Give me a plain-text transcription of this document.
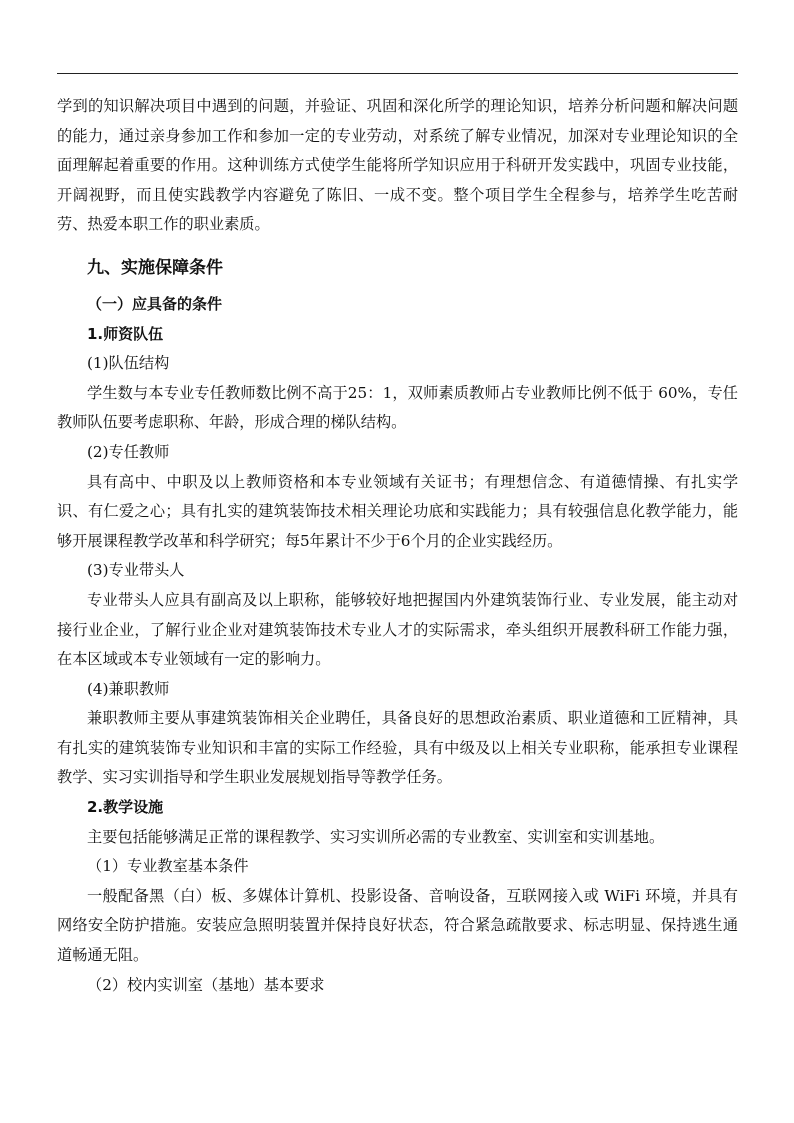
学到的知识解决项目中遇到的问题，并验证、巩固和深化所学的理论知识，培养分析问题和解决问题的能力，通过亲身参加工作和参加一定的专业劳动，对系统了解专业情况，加深对专业理论知识的全面理解起着重要的作用。这种训练方式使学生能将所学知识应用于科研开发实践中，巩固专业技能，开阔视野，而且使实践教学内容避免了陈旧、一成不变。整个项目学生全程参与，培养学生吃苦耐劳、热爱本职工作的职业素质。

九、实施保障条件
（一）应具备的条件
1.师资队伍
(1)队伍结构

学生数与本专业专任教师数比例不高于25：1，双师素质教师占专业教师比例不低于 60%，专任教师队伍要考虑职称、年龄，形成合理的梯队结构。

(2)专任教师

具有高中、中职及以上教师资格和本专业领域有关证书；有理想信念、有道德情操、有扎实学识、有仁爱之心；具有扎实的建筑装饰技术相关理论功底和实践能力；具有较强信息化教学能力，能够开展课程教学改革和科学研究；每5年累计不少于6个月的企业实践经历。

(3)专业带头人

专业带头人应具有副高及以上职称，能够较好地把握国内外建筑装饰行业、专业发展，能主动对接行业企业，了解行业企业对建筑装饰技术专业人才的实际需求，牵头组织开展教科研工作能力强，在本区域或本专业领域有一定的影响力。

(4)兼职教师

兼职教师主要从事建筑装饰相关企业聘任，具备良好的思想政治素质、职业道德和工匠精神，具有扎实的建筑装饰专业知识和丰富的实际工作经验，具有中级及以上相关专业职称，能承担专业课程教学、实习实训指导和学生职业发展规划指导等教学任务。

2.教学设施

主要包括能够满足正常的课程教学、实习实训所必需的专业教室、实训室和实训基地。

（1）专业教室基本条件

一般配备黑（白）板、多媒体计算机、投影设备、音响设备，互联网接入或 WiFi 环境，并具有网络安全防护措施。安装应急照明装置并保持良好状态，符合紧急疏散要求、标志明显、保持逃生通道畅通无阻。

（2）校内实训室（基地）基本要求
